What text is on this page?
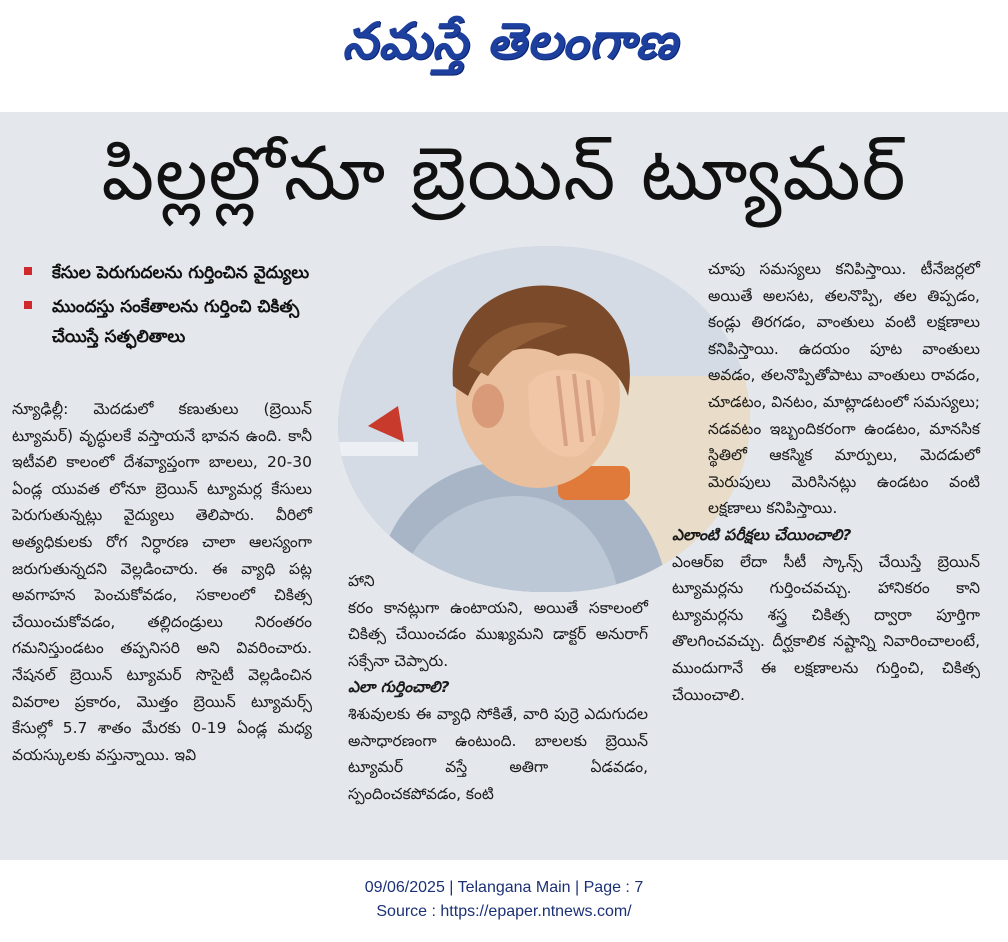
నమస్తే తెలంగాణ
పిల్లల్లోనూ బ్రెయిన్ ట్యూమర్
కేసుల పెరుగుదలను గుర్తించిన వైద్యులు
ముందస్తు సంకేతాలను గుర్తించి చికిత్స చేయిస్తే సత్ఫలితాలు

న్యూఢిల్లీ: మెదడులో కణుతులు (బ్రెయిన్ ట్యూమర్) వృద్ధులకే వస్తాయనే భావన ఉంది. కానీ ఇటీవలి కాలంలో దేశవ్యాప్తంగా బాలలు, 20-30 ఏండ్ల యువత లోనూ బ్రెయిన్ ట్యూమర్ల కేసులు పెరుగుతున్నట్లు వైద్యులు తెలిపారు. వీరిలో అత్యధికులకు రోగ నిర్ధారణ చాలా ఆలస్యంగా జరుగుతున్నదని వెల్లడించారు. ఈ వ్యాధి పట్ల అవగాహన పెంచుకోవడం, సకాలంలో చికిత్స చేయించుకోవడం, తల్లిదండ్రులు నిరంతరం గమనిస్తుండటం తప్పనిసరి అని వివరించారు. నేషనల్ బ్రెయిన్ ట్యూమర్ సొసైటీ వెల్లడించిన వివరాల ప్రకారం, మొత్తం బ్రెయిన్ ట్యూమర్స్ కేసుల్లో 5.7 శాతం మేరకు 0-19 ఏండ్ల మధ్య వయస్కులకు వస్తున్నాయి. ఇవి

హాని

కరం కానట్లుగా ఉంటాయని, అయితే సకాలంలో చికిత్స చేయించడం ముఖ్యమని డాక్టర్ అనురాగ్ సక్సేనా చెప్పారు.

ఎలా గుర్తించాలి?

శిశువులకు ఈ వ్యాధి సోకితే, వారి పుర్రె ఎదుగుదల అసాధారణంగా ఉంటుంది. బాలలకు బ్రెయిన్ ట్యూమర్ వస్తే అతిగా ఏడవడం, స్పందించకపోవడం, కంటి

చూపు సమస్యలు కనిపిస్తాయి. టీనేజర్లలో అయితే అలసట, తలనొప్పి, తల తిప్పడం, కండ్లు తిరగడం, వాంతులు వంటి లక్షణాలు కనిపిస్తాయి. ఉదయం పూట వాంతులు అవడం, తలనొప్పితోపాటు వాంతులు రావడం, చూడటం, వినటం, మాట్లాడటంలో సమస్యలు; నడవటం ఇబ్బందికరంగా ఉండటం, మానసిక స్థితిలో ఆకస్మిక మార్పులు, మెదడులో మెరుపులు మెరిసినట్లు ఉండటం వంటి లక్షణాలు కనిపిస్తాయి.

ఎలాంటి పరీక్షలు చేయించాలి?

ఎంఆర్ఐ లేదా సీటీ స్కాన్స్ చేయిస్తే బ్రెయిన్ ట్యూమర్లను గుర్తించవచ్చు. హానికరం కాని ట్యూమర్లను శస్త్ర చికిత్స ద్వారా పూర్తిగా తొలగించవచ్చు. దీర్ఘకాలిక నష్టాన్ని నివారించాలంటే, ముందుగానే ఈ లక్షణాలను గుర్తించి, చికిత్స చేయించాలి.

09/06/2025 | Telangana Main | Page : 7
Source : https://epaper.ntnews.com/
